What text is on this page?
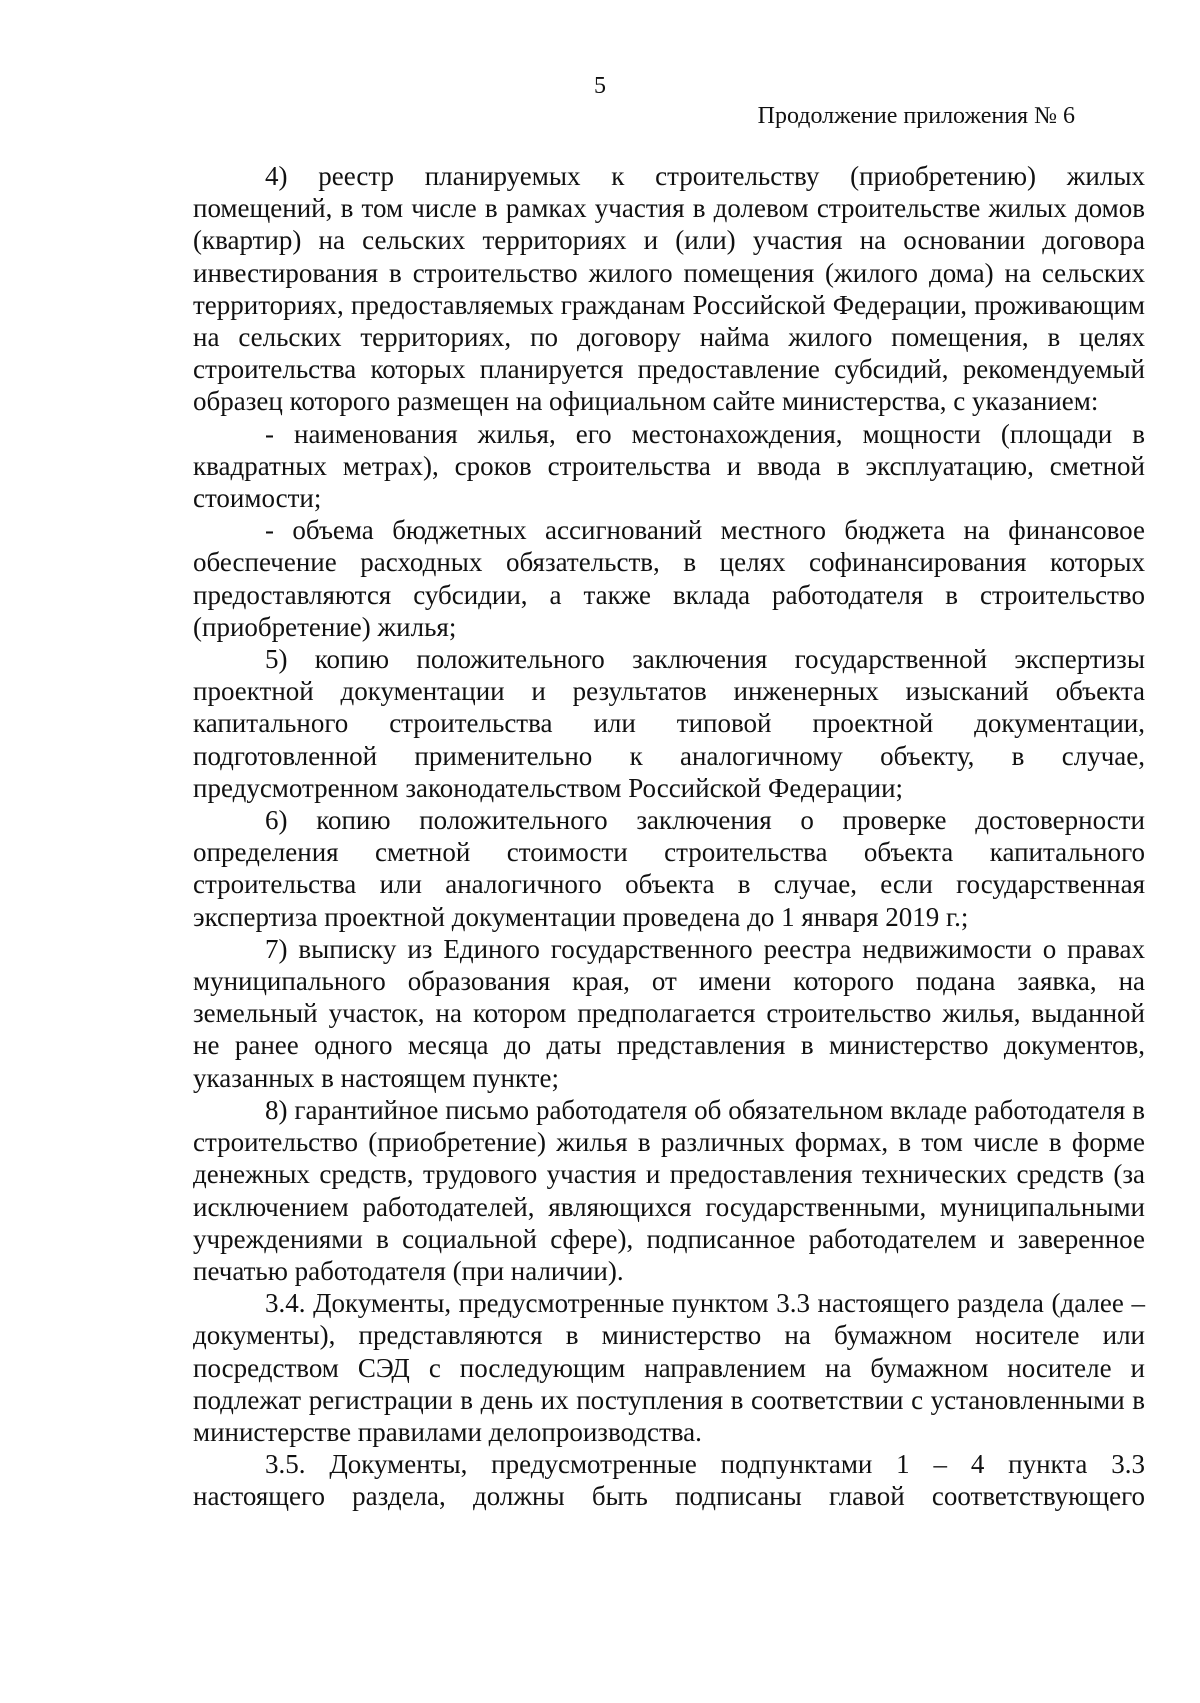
5
Продолжение приложения № 6

4) реестр планируемых к строительству (приобретению) жилых помещений, в том числе в рамках участия в долевом строительстве жилых домов (квартир) на сельских территориях и (или) участия на основании договора инвестирования в строительство жилого помещения (жилого дома) на сельских территориях, предоставляемых гражданам Российской Федерации, проживающим на сельских территориях, по договору найма жилого помещения, в целях строительства которых планируется предоставление субсидий, рекомендуемый образец которого размещен на официальном сайте министерства, с указанием:

- наименования жилья, его местонахождения, мощности (площади в квадратных метрах), сроков строительства и ввода в эксплуатацию, сметной стоимости;

- объема бюджетных ассигнований местного бюджета на финансовое обеспечение расходных обязательств, в целях софинансирования которых предоставляются субсидии, а также вклада работодателя в строительство (приобретение) жилья;

5) копию положительного заключения государственной экспертизы проектной документации и результатов инженерных изысканий объекта капитального строительства или типовой проектной документации, подготовленной применительно к аналогичному объекту, в случае, предусмотренном законодательством Российской Федерации;

6) копию положительного заключения о проверке достоверности определения сметной стоимости строительства объекта капитального строительства или аналогичного объекта в случае, если государственная экспертиза проектной документации проведена до 1 января 2019 г.;

7) выписку из Единого государственного реестра недвижимости о правах муниципального образования края, от имени которого подана заявка, на земельный участок, на котором предполагается строительство жилья, выданной не ранее одного месяца до даты представления в министерство документов, указанных в настоящем пункте;

8) гарантийное письмо работодателя об обязательном вкладе работодателя в строительство (приобретение) жилья в различных формах, в том числе в форме денежных средств, трудового участия и предоставления технических средств (за исключением работодателей, являющихся государственными, муниципальными учреждениями в социальной сфере), подписанное работодателем и заверенное печатью работодателя (при наличии).

3.4. Документы, предусмотренные пунктом 3.3 настоящего раздела (далее – документы), представляются в министерство на бумажном носителе или посредством СЭД с последующим направлением на бумажном носителе и подлежат регистрации в день их поступления в соответствии с установленными в министерстве правилами делопроизводства.

3.5. Документы, предусмотренные подпунктами 1 – 4 пункта 3.3 настоящего раздела, должны быть подписаны главой соответствующего
